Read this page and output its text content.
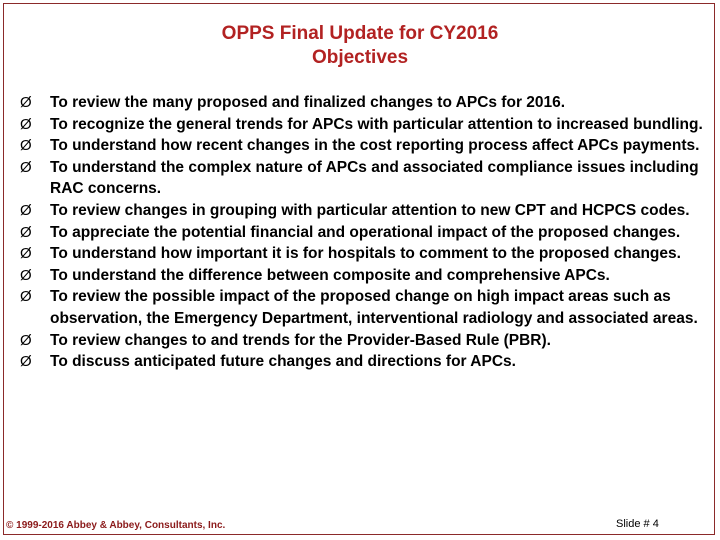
OPPS Final Update for CY2016
Objectives
Ø	To review the many proposed and finalized changes to APCs for 2016.
Ø	To recognize the general trends for APCs with particular attention to increased bundling.
Ø	To understand how recent changes in the cost reporting process affect APCs payments.
Ø	To understand the complex nature of APCs and associated compliance issues including RAC concerns.
Ø	To review changes in grouping with particular attention to new CPT and HCPCS codes.
Ø	To appreciate the potential financial and operational impact of the proposed changes.
Ø	To understand how important it is for hospitals to comment to the proposed changes.
Ø	To understand the difference between composite and comprehensive APCs.
Ø	To review the possible impact of the proposed change on high impact areas such as observation, the Emergency Department, interventional radiology and associated areas.
Ø	To review changes to and trends for the Provider-Based Rule (PBR).
Ø	To discuss anticipated future changes and directions for APCs.
© 1999-2016 Abbey & Abbey, Consultants, Inc.	Slide # 4
